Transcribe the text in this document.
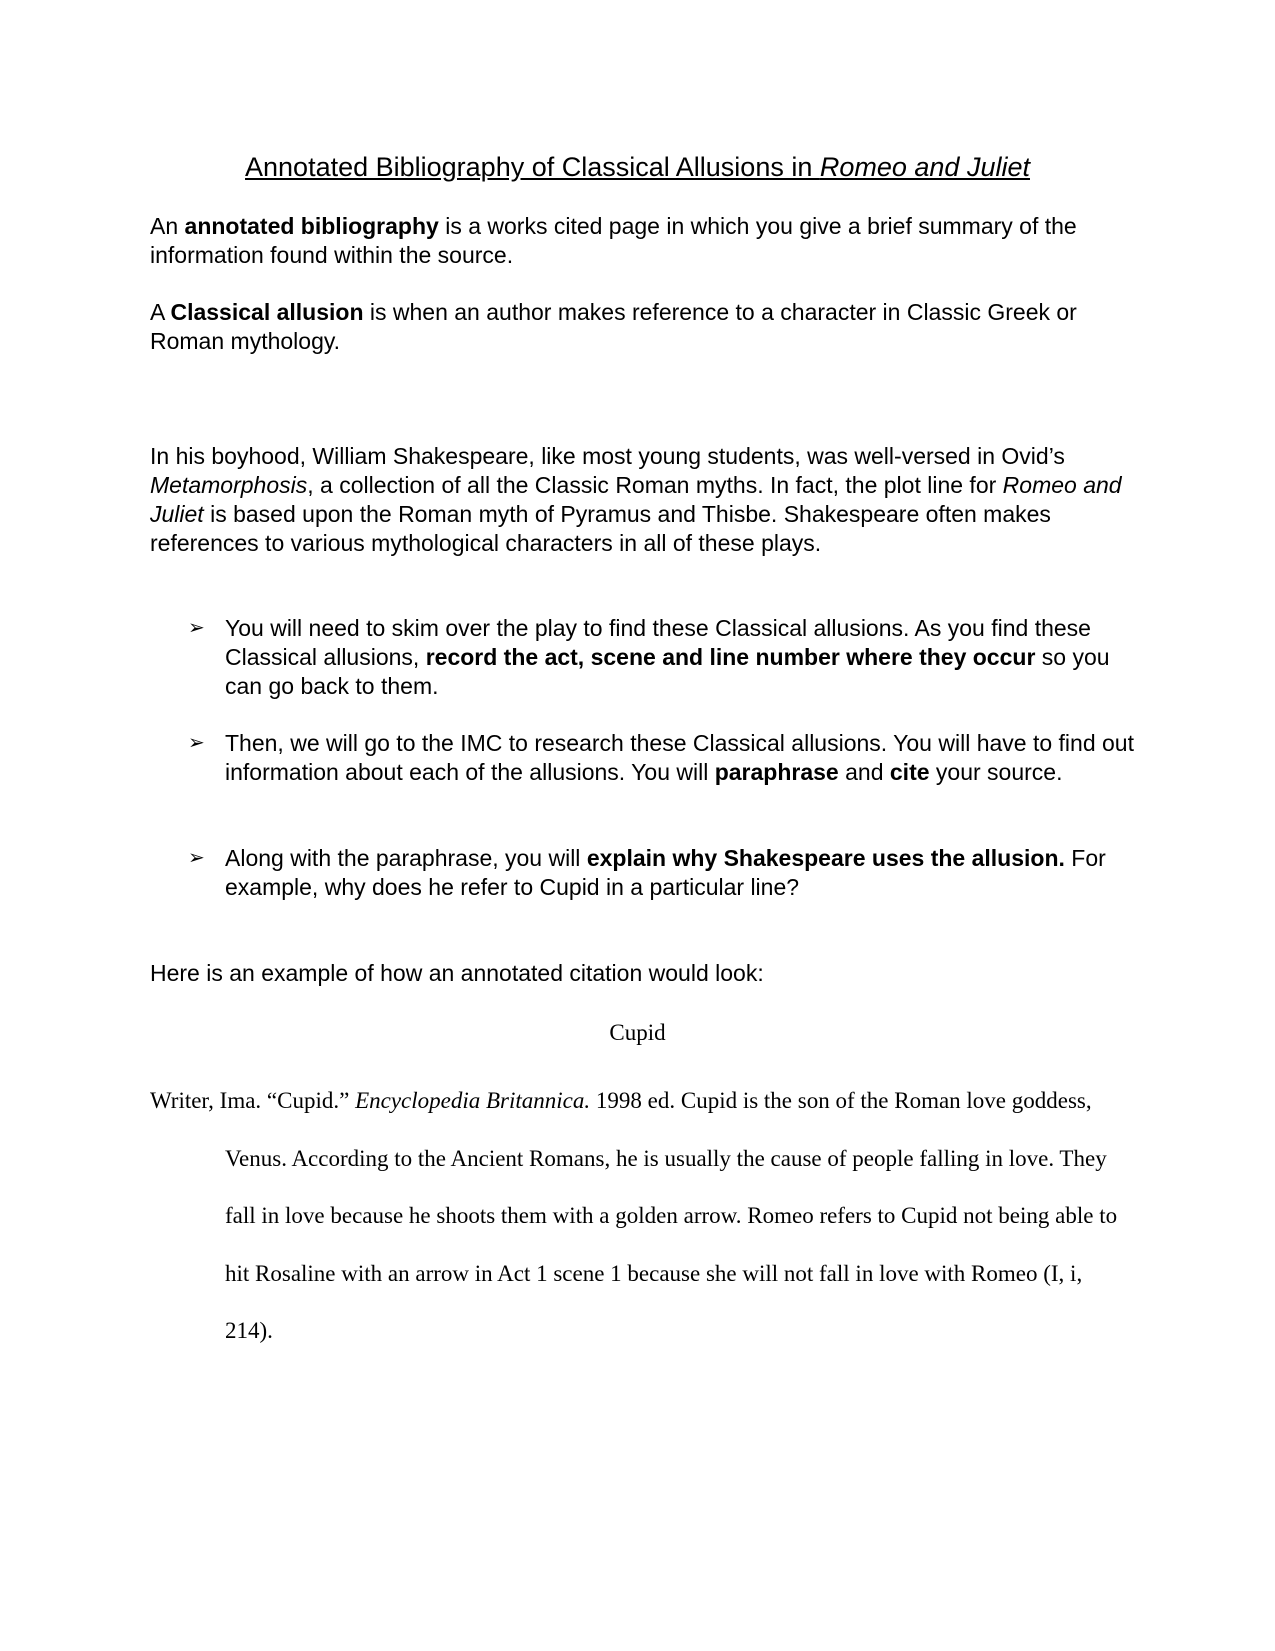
Annotated Bibliography of Classical Allusions in Romeo and Juliet

An annotated bibliography is a works cited page in which you give a brief summary of the information found within the source.

A Classical allusion is when an author makes reference to a character in Classic Greek or Roman mythology.

In his boyhood, William Shakespeare, like most young students, was well-versed in Ovid’s Metamorphosis, a collection of all the Classic Roman myths. In fact, the plot line for Romeo and Juliet is based upon the Roman myth of Pyramus and Thisbe. Shakespeare often makes references to various mythological characters in all of these plays.

➢ You will need to skim over the play to find these Classical allusions. As you find these Classical allusions, record the act, scene and line number where they occur so you can go back to them.
➢ Then, we will go to the IMC to research these Classical allusions. You will have to find out information about each of the allusions. You will paraphrase and cite your source.
➢ Along with the paraphrase, you will explain why Shakespeare uses the allusion. For example, why does he refer to Cupid in a particular line?

Here is an example of how an annotated citation would look:

Cupid

Writer, Ima. “Cupid.” Encyclopedia Britannica. 1998 ed. Cupid is the son of the Roman love goddess, Venus. According to the Ancient Romans, he is usually the cause of people falling in love. They fall in love because he shoots them with a golden arrow. Romeo refers to Cupid not being able to hit Rosaline with an arrow in Act 1 scene 1 because she will not fall in love with Romeo (I, i, 214).
